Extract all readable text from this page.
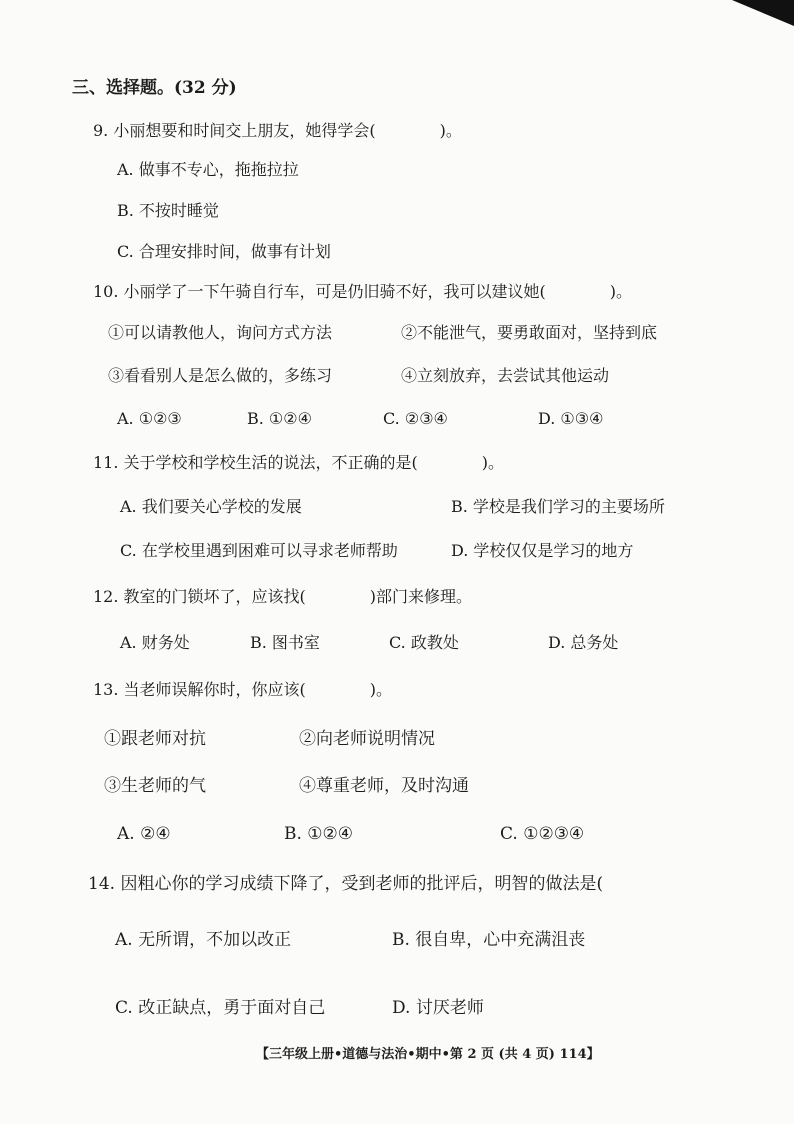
三、选择题。(32 分)
9. 小丽想要和时间交上朋友，她得学会(　　　　)。
A. 做事不专心，拖拖拉拉
B. 不按时睡觉
C. 合理安排时间，做事有计划
10. 小丽学了一下午骑自行车，可是仍旧骑不好，我可以建议她(　　　　)。
①可以请教他人，询问方式方法	②不能泄气，要勇敢面对，坚持到底
③看看别人是怎么做的，多练习	④立刻放弃，去尝试其他运动
A. ①②③	B. ①②④	C. ②③④	D. ①③④
11. 关于学校和学校生活的说法，不正确的是(　　　　)。
A. 我们要关心学校的发展	B. 学校是我们学习的主要场所
C. 在学校里遇到困难可以寻求老师帮助	D. 学校仅仅是学习的地方
12. 教室的门锁坏了，应该找(　　　　)部门来修理。
A. 财务处	B. 图书室	C. 政教处	D. 总务处
13. 当老师误解你时，你应该(　　　　)。
①跟老师对抗	②向老师说明情况
③生老师的气	④尊重老师，及时沟通
A. ②④	B. ①②④	C. ①②③④
14. 因粗心你的学习成绩下降了，受到老师的批评后，明智的做法是(
A. 无所谓，不加以改正	B. 很自卑，心中充满沮丧
C. 改正缺点，勇于面对自己	D. 讨厌老师
【三年级上册•道德与法治•期中•第 2 页 (共 4 页) 114】
